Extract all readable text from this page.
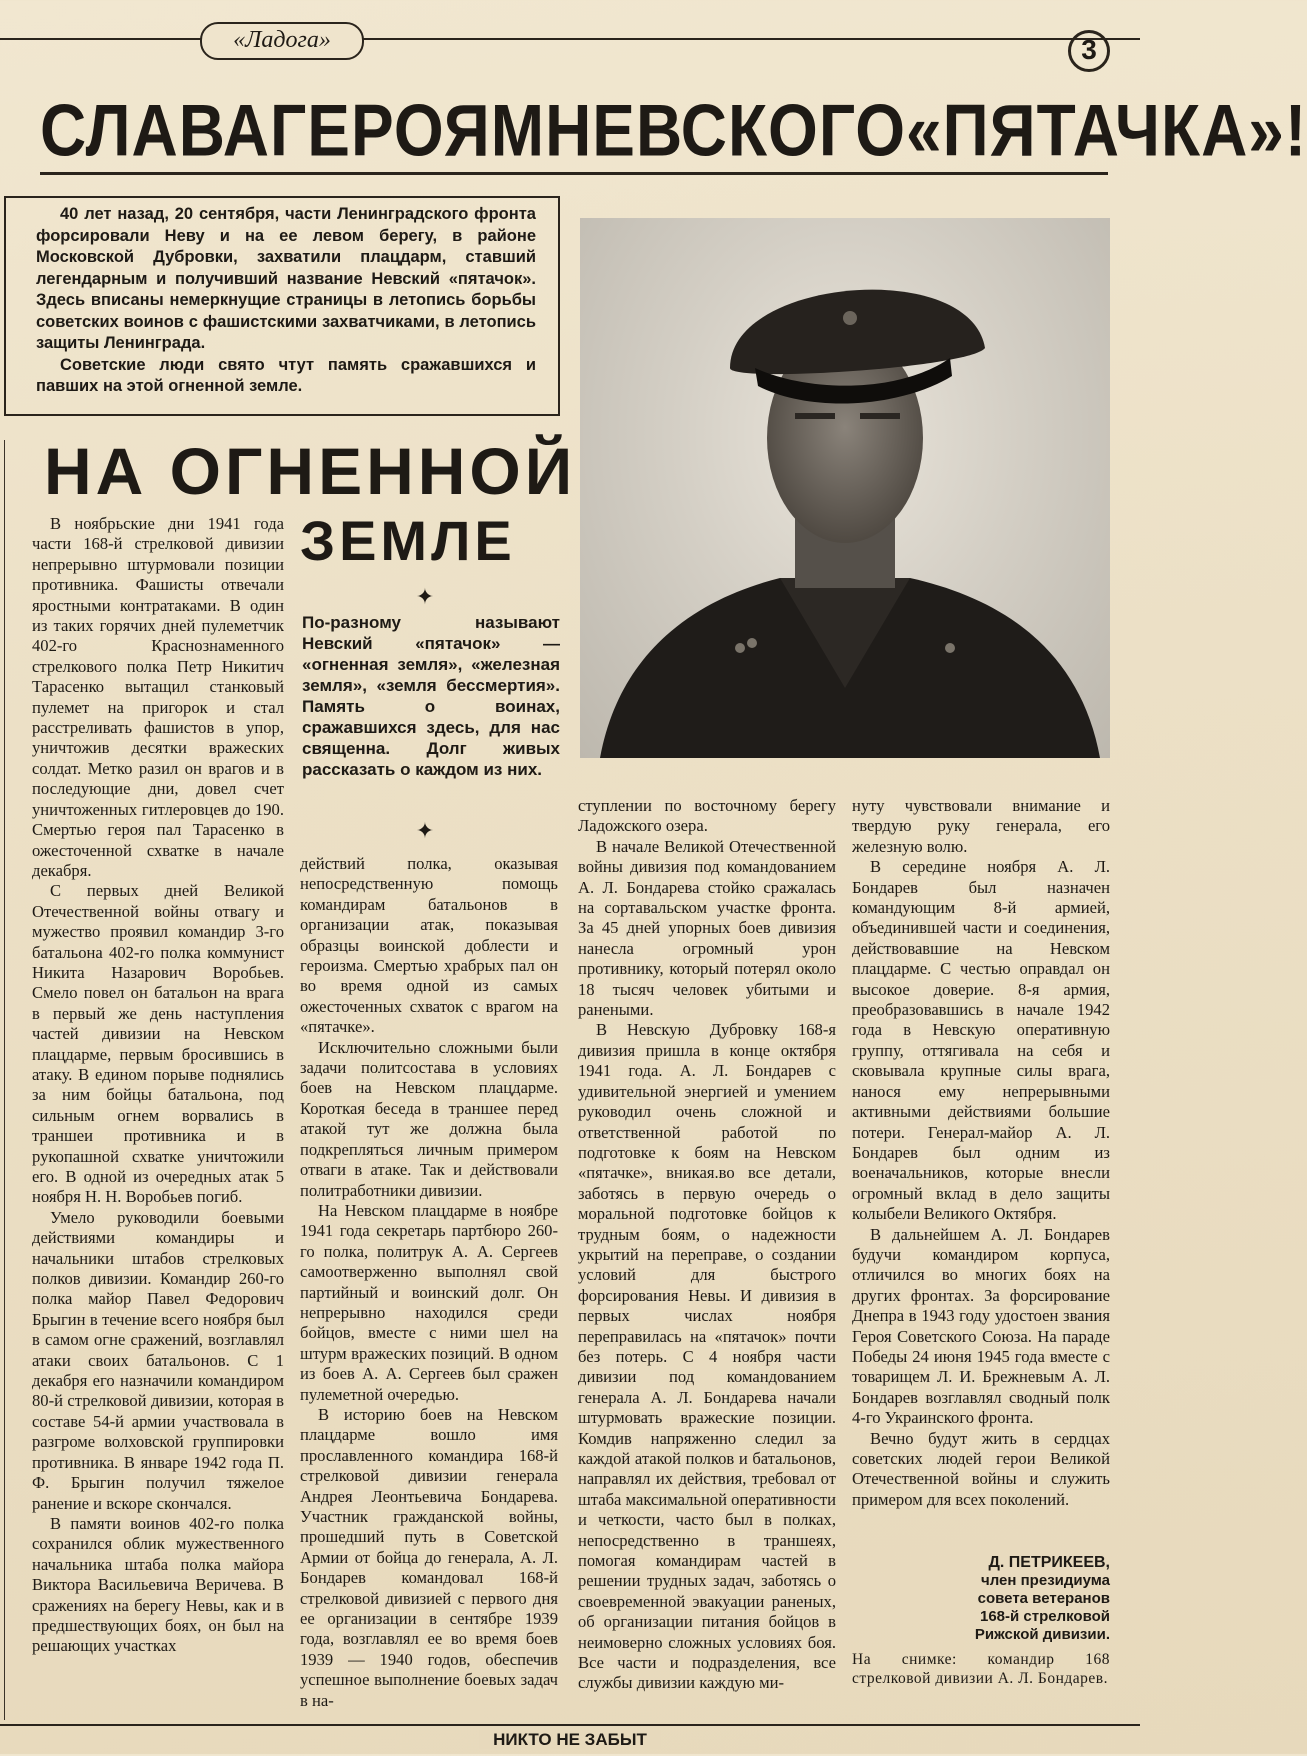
«Ладога»	3
СЛАВА ГЕРОЯМ НЕВСКОГО «ПЯТАЧКА»!

40 лет назад, 20 сентября, части Ленинградского фронта форсировали Неву и на ее левом берегу, в районе Московской Дубровки, захватили плацдарм, ставший легендарным и получивший название Невский «пятачок». Здесь вписаны немеркнущие страницы в летопись борьбы советских воинов с фашистскими захватчиками, в летопись защиты Ленинграда.

Советские люди свято чтут память сражавшихся и павших на этой огненной земле.

НА ОГНЕННОЙ
ЗЕМЛЕ
✦
По-разному называют Невский «пятачок» — «огненная земля», «железная земля», «земля бессмертия». Память о воинах, сражавшихся здесь, для нас священна. Долг живых рассказать о каждом из них.
✦

В ноябрьские дни 1941 года части 168-й стрелковой дивизии непрерывно штурмовали позиции противника. Фашисты отвечали яростными контратаками. В один из таких горячих дней пулеметчик 402-го Краснознаменного стрелкового полка Петр Никитич Тарасенко вытащил станковый пулемет на пригорок и стал расстреливать фашистов в упор, уничтожив десятки вражеских солдат. Метко разил он врагов и в последующие дни, довел счет уничтоженных гитлеровцев до 190. Смертью героя пал Тарасенко в ожесточенной схватке в начале декабря.

С первых дней Великой Отечественной войны отвагу и мужество проявил командир 3-го батальона 402-го полка коммунист Никита Назарович Воробьев. Смело повел он батальон на врага в первый же день наступления частей дивизии на Невском плацдарме, первым бросившись в атаку. В едином порыве поднялись за ним бойцы батальона, под сильным огнем ворвались в траншеи противника и в рукопашной схватке уничтожили его. В одной из очередных атак 5 ноября Н. Н. Воробьев погиб.

Умело руководили боевыми действиями командиры и начальники штабов стрелковых полков дивизии. Командир 260-го полка майор Павел Федорович Брыгин в течение всего ноября был в самом огне сражений, возглавлял атаки своих батальонов. С 1 декабря его назначили командиром 80-й стрелковой дивизии, которая в составе 54-й армии участвовала в разгроме волховской группировки противника. В январе 1942 года П. Ф. Брыгин получил тяжелое ранение и вскоре скончался.

В памяти воинов 402-го полка сохранился облик мужественного начальника штаба полка майора Виктора Васильевича Веричева. В сражениях на берегу Невы, как и в предшествующих боях, он был на решающих участках

действий полка, оказывая непосредственную помощь командирам батальонов в организации атак, показывая образцы воинской доблести и героизма. Смертью храбрых пал он во время одной из самых ожесточенных схваток с врагом на «пятачке».

Исключительно сложными были задачи политсостава в условиях боев на Невском плацдарме. Короткая беседа в траншее перед атакой тут же должна была подкрепляться личным примером отваги в атаке. Так и действовали политработники дивизии.

На Невском плацдарме в ноябре 1941 года секретарь партбюро 260-го полка, политрук А. А. Сергеев самоотверженно выполнял свой партийный и воинский долг. Он непрерывно находился среди бойцов, вместе с ними шел на штурм вражеских позиций. В одном из боев А. А. Сергеев был сражен пулеметной очередью.

В историю боев на Невском плацдарме вошло имя прославленного командира 168-й стрелковой дивизии генерала Андрея Леонтьевича Бондарева. Участник гражданской войны, прошедший путь в Советской Армии от бойца до генерала, А. Л. Бондарев командовал 168-й стрелковой дивизией с первого дня ее организации в сентябре 1939 года, возглавлял ее во время боев 1939 — 1940 годов, обеспечив успешное выполнение боевых задач в на-

ступлении по восточному берегу Ладожского озера.

В начале Великой Отечественной войны дивизия под командованием А. Л. Бондарева стойко сражалась на сортавальском участке фронта. За 45 дней упорных боев дивизия нанесла огромный урон противнику, который потерял около 18 тысяч человек убитыми и ранеными.

В Невскую Дубровку 168-я дивизия пришла в конце октября 1941 года. А. Л. Бондарев с удивительной энергией и умением руководил очень сложной и ответственной работой по подготовке к боям на Невском «пятачке», вникая.во все детали, заботясь в первую очередь о моральной подготовке бойцов к трудным боям, о надежности укрытий на переправе, о создании условий для быстрого форсирования Невы. И дивизия в первых числах ноября переправилась на «пятачок» почти без потерь. С 4 ноября части дивизии под командованием генерала А. Л. Бондарева начали штурмовать вражеские позиции. Комдив напряженно следил за каждой атакой полков и батальонов, направлял их действия, требовал от штаба максимальной оперативности и четкости, часто был в полках, непосредственно в траншеях, помогая командирам частей в решении трудных задач, заботясь о своевременной эвакуации раненых, об организации питания бойцов в неимоверно сложных условиях боя. Все части и подразделения, все службы дивизии каждую ми-

нуту чувствовали внимание и твердую руку генерала, его железную волю.

В середине ноября А. Л. Бондарев был назначен командующим 8-й армией, объединившей части и соединения, действовавшие на Невском плацдарме. С честью оправдал он высокое доверие. 8-я армия, преобразовавшись в начале 1942 года в Невскую оперативную группу, оттягивала на себя и сковывала крупные силы врага, нанося ему непрерывными активными действиями большие потери. Генерал-майор А. Л. Бондарев был одним из военачальников, которые внесли огромный вклад в дело защиты колыбели Великого Октября.

В дальнейшем А. Л. Бондарев будучи командиром корпуса, отличился во многих боях на других фронтах. За форсирование Днепра в 1943 году удостоен звания Героя Советского Союза. На параде Победы 24 июня 1945 года вместе с товарищем Л. И. Брежневым А. Л. Бондарев возглавлял сводный полк 4-го Украинского фронта.

Вечно будут жить в сердцах советских людей герои Великой Отечественной войны и служить примером для всех поколений.

Д. ПЕТРИКЕЕВ,
член президиума
совета ветеранов
168-й стрелковой
Рижской дивизии.
На снимке: командир 168 стрелковой дивизии А. Л. Бондарев.
НИКТО НЕ ЗАБЫТ
